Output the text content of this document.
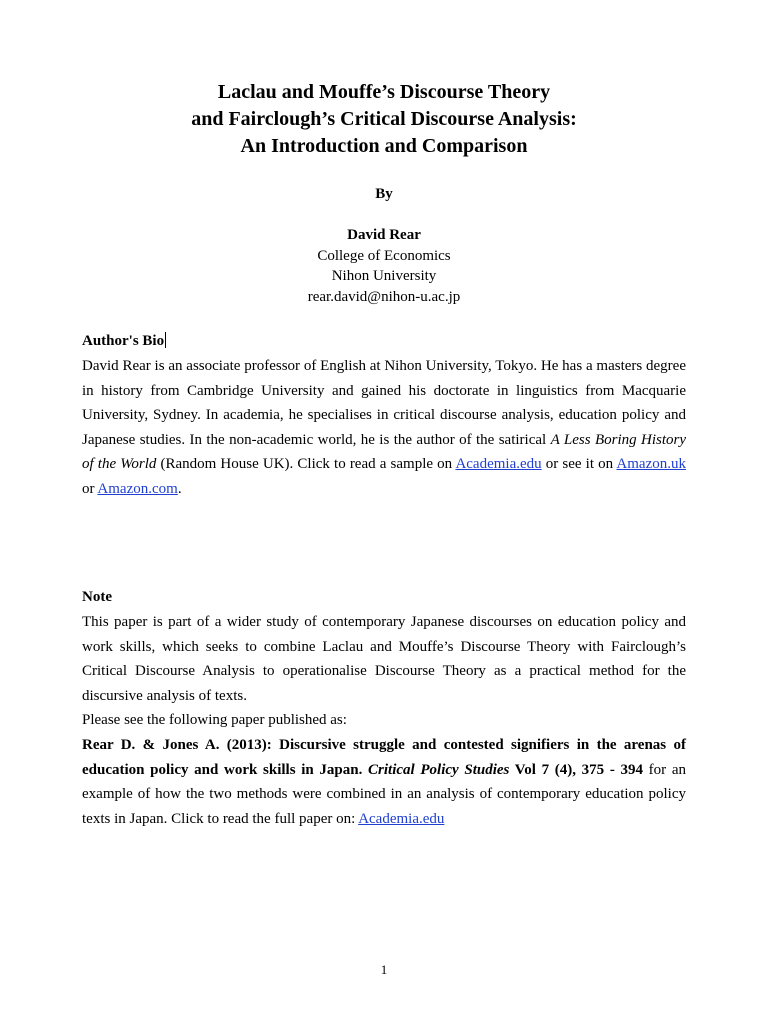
Laclau and Mouffe’s Discourse Theory
and Fairclough’s Critical Discourse Analysis:
An Introduction and Comparison
By
David Rear
College of Economics
Nihon University
rear.david@nihon-u.ac.jp
Author's Bio

David Rear is an associate professor of English at Nihon University, Tokyo. He has a masters degree in history from Cambridge University and gained his doctorate in linguistics from Macquarie University, Sydney. In academia, he specialises in critical discourse analysis, education policy and Japanese studies. In the non-academic world, he is the author of the satirical A Less Boring History of the World (Random House UK). Click to read a sample on Academia.edu or see it on Amazon.uk or Amazon.com.

Note

This paper is part of a wider study of contemporary Japanese discourses on education policy and work skills, which seeks to combine Laclau and Mouffe’s Discourse Theory with Fairclough’s Critical Discourse Analysis to operationalise Discourse Theory as a practical method for the discursive analysis of texts.

Please see the following paper published as:

Rear D. & Jones A. (2013): Discursive struggle and contested signifiers in the arenas of education policy and work skills in Japan. Critical Policy Studies Vol 7 (4), 375 - 394 for an example of how the two methods were combined in an analysis of contemporary education policy texts in Japan. Click to read the full paper on: Academia.edu

1
